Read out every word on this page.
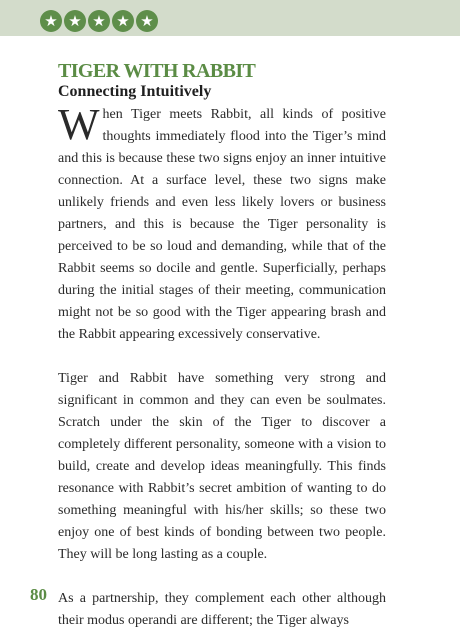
★ ★ ★ ★ ★
TIGER WITH RABBIT
Connecting Intuitively

When Tiger meets Rabbit, all kinds of positive thoughts immediately flood into the Tiger’s mind and this is because these two signs enjoy an inner intuitive connection. At a surface level, these two signs make unlikely friends and even less likely lovers or business partners, and this is because the Tiger personality is perceived to be so loud and demanding, while that of the Rabbit seems so docile and gentle. Superficially, perhaps during the initial stages of their meeting, communication might not be so good with the Tiger appearing brash and the Rabbit appearing excessively conservative.

Tiger and Rabbit have something very strong and significant in common and they can even be soulmates. Scratch under the skin of the Tiger to discover a completely different personality, someone with a vision to build, create and develop ideas meaningfully. This finds resonance with Rabbit’s secret ambition of wanting to do something meaningful with his/her skills; so these two enjoy one of best kinds of bonding between two people. They will be long lasting as a couple.

As a partnership, they complement each other although their modus operandi are different; the Tiger always

80
